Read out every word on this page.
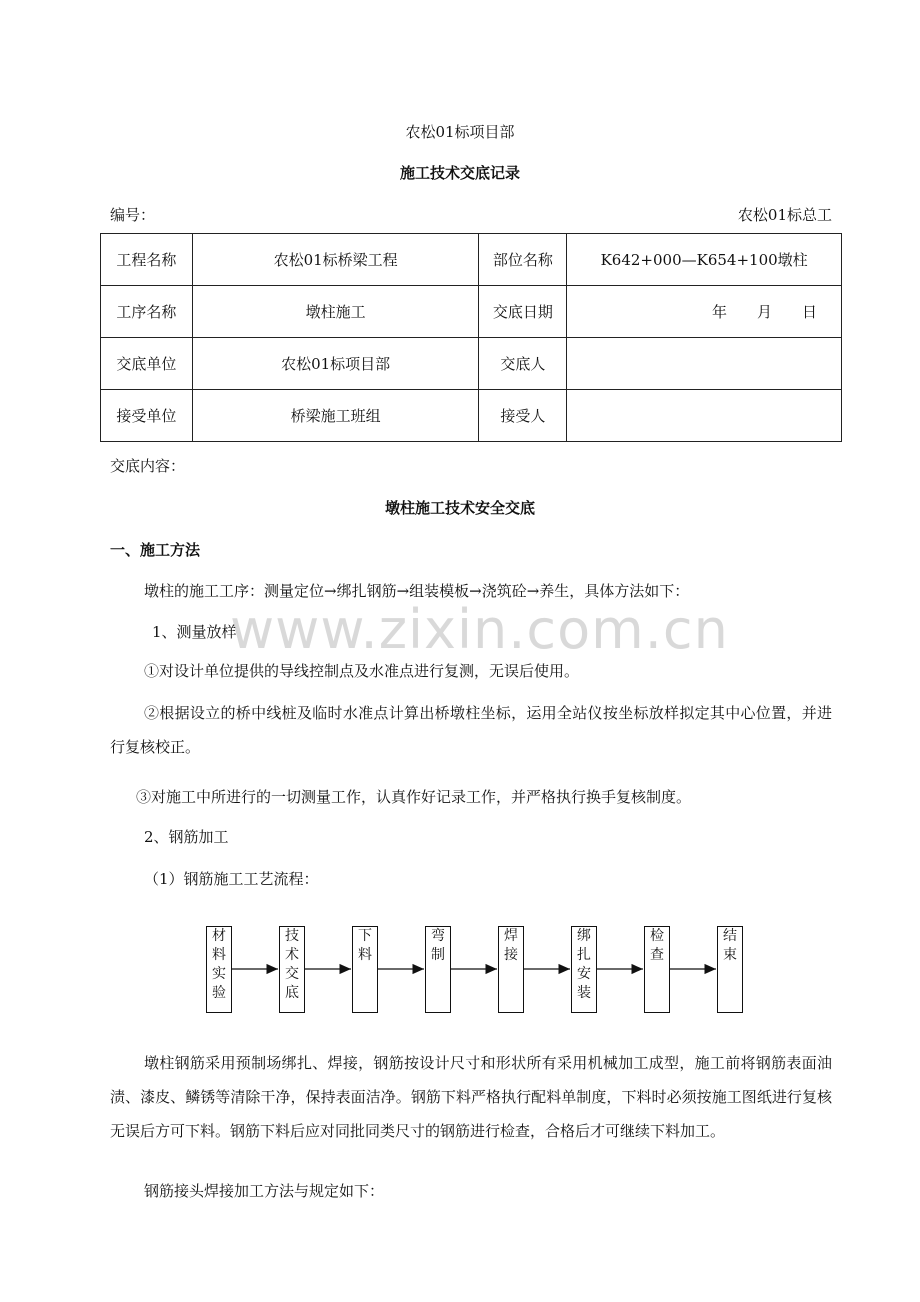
www.zixin.com.cn
农松01标项目部
施工技术交底记录
编号：	农松01标总工
工程名称	农松01标桥梁工程	部位名称	K642+000—K654+100墩柱
工序名称	墩柱施工	交底日期	年　　月　　日
交底单位	农松01标项目部	交底人	
接受单位	桥梁施工班组	接受人	
交底内容：
墩柱施工技术安全交底
一、施工方法
墩柱的施工工序：测量定位→绑扎钢筋→组装模板→浇筑砼→养生，具体方法如下：
1、测量放样
①对设计单位提供的导线控制点及水准点进行复测，无误后使用。
②根据设立的桥中线桩及临时水准点计算出桥墩柱坐标，运用全站仪按坐标放样拟定其中心位置，并进行复核校正。
③对施工中所进行的一切测量工作，认真作好记录工作，并严格执行换手复核制度。
2、钢筋加工
（1）钢筋施工工艺流程：
材料实验
技术交底
下　料
弯　制
焊　接
绑扎安装
检　查
结　束
墩柱钢筋采用预制场绑扎、焊接，钢筋按设计尺寸和形状所有采用机械加工成型，施工前将钢筋表面油渍、漆皮、鳞锈等清除干净，保持表面洁净。钢筋下料严格执行配料单制度，下料时必须按施工图纸进行复核无误后方可下料。钢筋下料后应对同批同类尺寸的钢筋进行检查，合格后才可继续下料加工。
钢筋接头焊接加工方法与规定如下：
